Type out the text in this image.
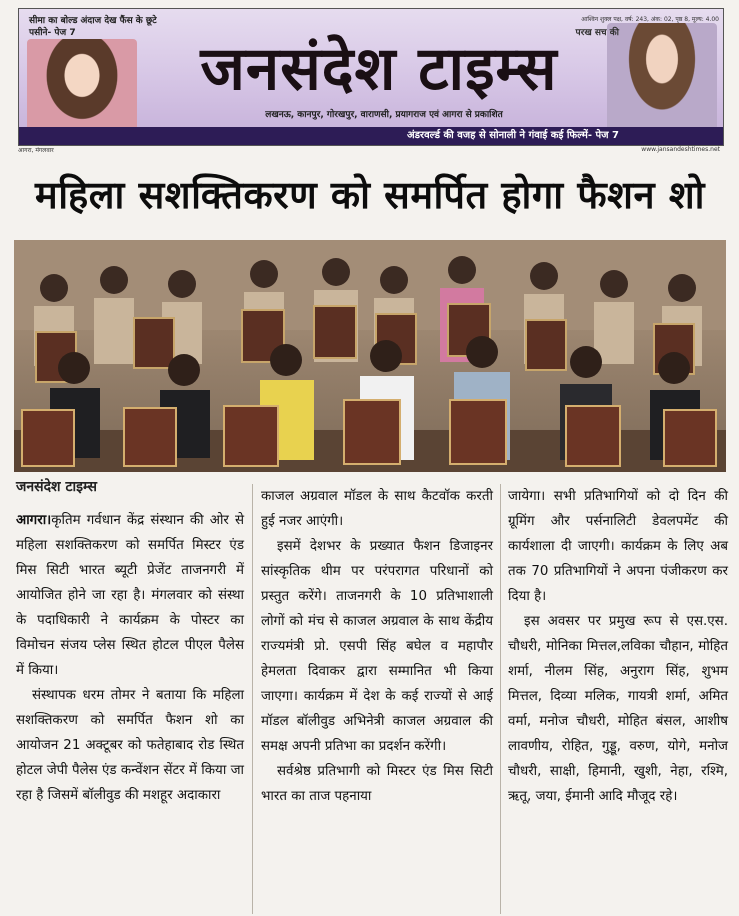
सीमा का बोल्ड अंदाज देख फैंस के छूटे पसीने- पेज 7
आश्विन शुक्ल पक्ष, वर्ष: 243, अंक: 02, पृष्ठ 8, मूल्य: 4.00
परख सच की
जनसंदेश टाइम्स
लखनऊ, कानपुर, गोरखपुर, वाराणसी, प्रयागराज एवं आगरा से प्रकाशित
अंडरवर्ल्ड की वजह से सोनाली ने गंवाई कई फिल्में- पेज 7
आगरा, मंगलवार	www.jansandeshtimes.net
महिला सशक्तिकरण को समर्पित होगा फैशन शो
जनसंदेश टाइम्स

आगरा।कृतिम गर्वधान केंद्र संस्थान की ओर से महिला सशक्तिकरण को समर्पित मिस्टर एंड मिस सिटी भारत ब्यूटी प्रेजेंट ताजनगरी में आयोजित होने जा रहा है। मंगलवार को संस्था के पदाधिकारी ने कार्यक्रम के पोस्टर का विमोचन संजय प्लेस स्थित होटल पीएल पैलेस में किया।

संस्थापक धरम तोमर ने बताया कि महिला सशक्तिकरण को समर्पित फैशन शो का आयोजन 21 अक्टूबर को फतेहाबाद रोड स्थित होटल जेपी पैलेस एंड कन्वेंशन सेंटर में किया जा रहा है जिसमें बॉलीवुड की मशहूर अदाकारा

काजल अग्रवाल मॉडल के साथ कैटवॉक करती हुई नजर आएंगी।

इसमें देशभर के प्रख्यात फैशन डिजाइनर सांस्कृतिक थीम पर परंपरागत परिधानों को प्रस्तुत करेंगे। ताजनगरी के 10 प्रतिभाशाली लोगों को मंच से काजल अग्रवाल के साथ केंद्रीय राज्यमंत्री प्रो. एसपी सिंह बघेल व महापौर हेमलता दिवाकर द्वारा सम्मानित भी किया जाएगा। कार्यक्रम में देश के कई राज्यों से आई मॉडल बॉलीवुड अभिनेत्री काजल अग्रवाल की समक्ष अपनी प्रतिभा का प्रदर्शन करेंगी।

सर्वश्रेष्ठ प्रतिभागी को मिस्टर एंड मिस सिटी भारत का ताज पहनाया

जायेगा। सभी प्रतिभागियों को दो दिन की ग्रूमिंग और पर्सनालिटी डेवलपमेंट की कार्यशाला दी जाएगी। कार्यक्रम के लिए अब तक 70 प्रतिभागियों ने अपना पंजीकरण कर दिया है।

इस अवसर पर प्रमुख रूप से एस.एस. चौधरी, मोनिका मित्तल,लविका चौहान, मोहित शर्मा, नीलम सिंह, अनुराग सिंह, शुभम मित्तल, दिव्या मलिक, गायत्री शर्मा, अमित वर्मा, मनोज चौधरी, मोहित बंसल, आशीष लावणीय, रोहित, गुड्डू, वरुण, योगे, मनोज चौधरी, साक्षी, हिमानी, खुशी, नेहा, रश्मि, ऋतू, जया, ईमानी आदि मौजूद रहे।
